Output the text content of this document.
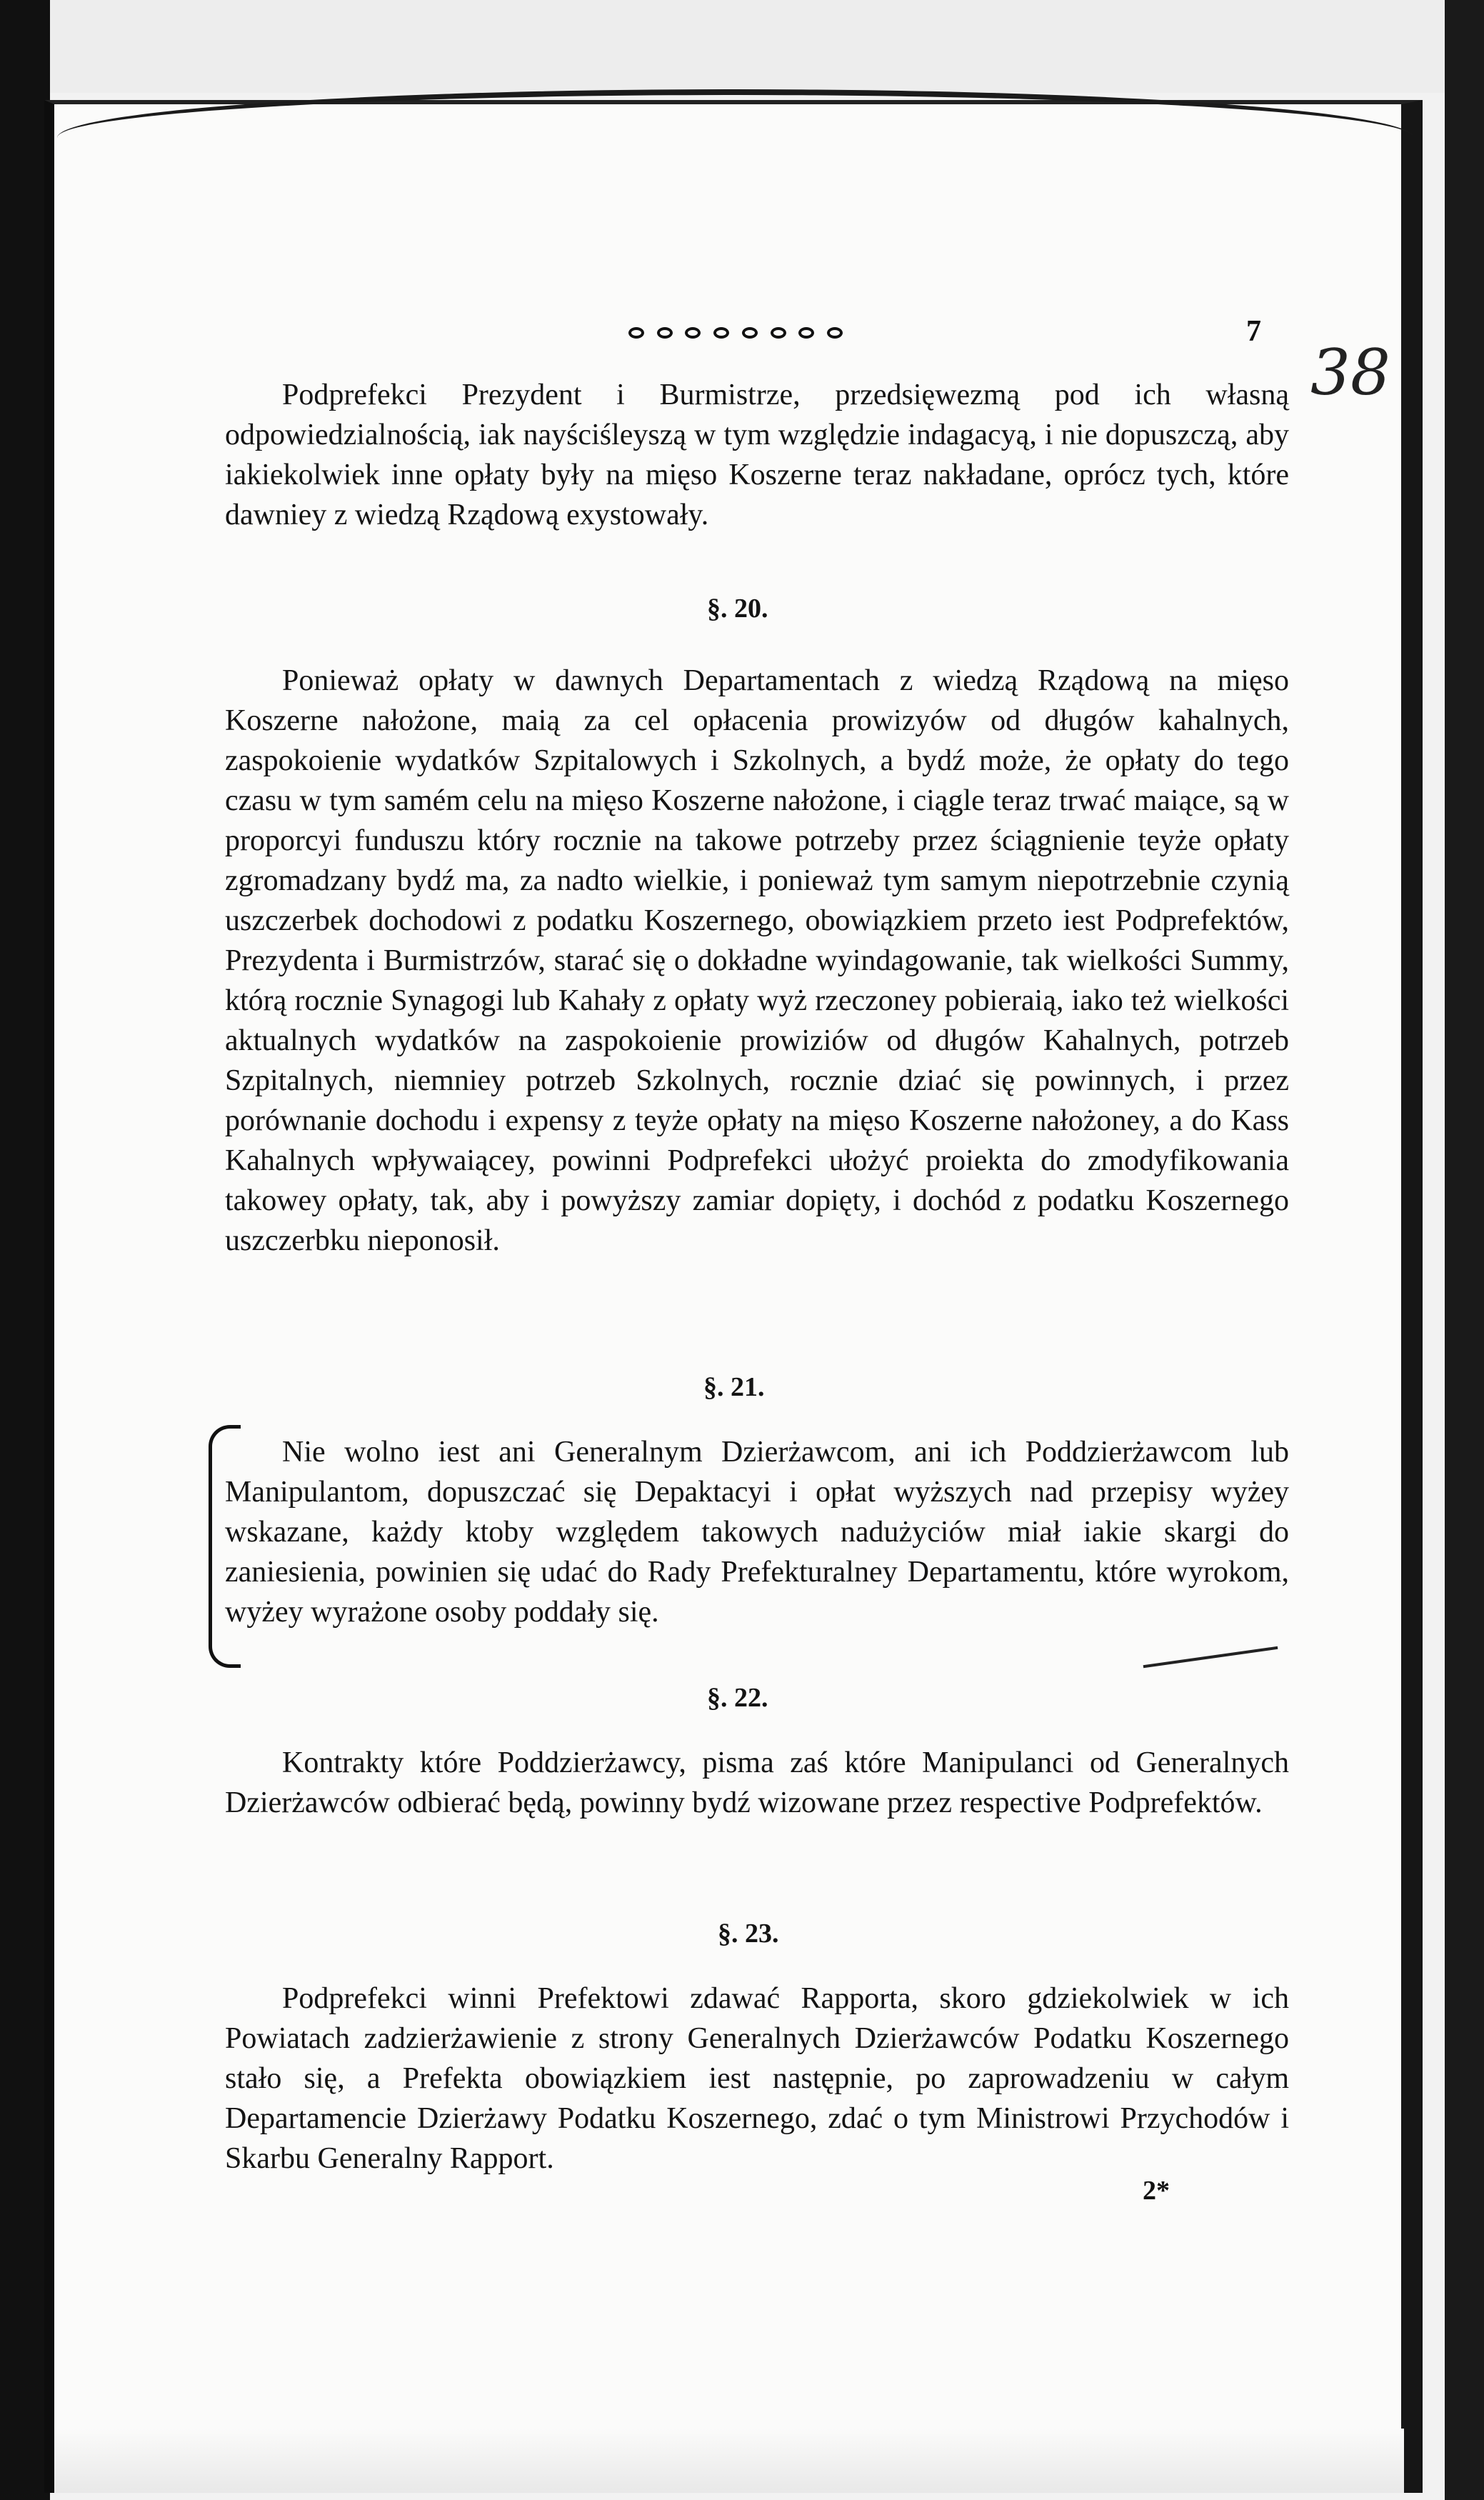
7
38

Podprefekci Prezydent i Burmistrze, przedsięwezmą pod ich własną odpowiedzialnością, iak nayściśleyszą w tym względzie indagacyą, i nie dopuszczą, aby iakiekolwiek inne opłaty były na mięso Koszerne teraz nakładane, oprócz tych, które dawniey z wiedzą Rządową exystowały.

§. 20.

Ponieważ opłaty w dawnych Departamentach z wiedzą Rządową na mięso Koszerne nałożone, maią za cel opłacenia prowizyów od długów kahalnych, zaspokoienie wydatków Szpitalowych i Szkolnych, a bydź może, że opłaty do tego czasu w tym samém celu na mięso Koszerne nałożone, i ciągle teraz trwać maiące, są w proporcyi funduszu który rocznie na takowe potrzeby przez ściągnienie teyże opłaty zgromadzany bydź ma, za nadto wielkie, i ponieważ tym samym niepotrzebnie czynią uszczerbek dochodowi z podatku Koszernego, obowiązkiem przeto iest Podprefektów, Prezydenta i Burmistrzów, starać się o dokładne wyindagowanie, tak wielkości Summy, którą rocznie Synagogi lub Kahały z opłaty wyż rzeczoney pobieraią, iako też wielkości aktualnych wydatków na zaspokoienie prowiziów od długów Kahalnych, potrzeb Szpitalnych, niemniey potrzeb Szkolnych, rocznie dziać się powinnych, i przez porównanie dochodu i expensy z teyże opłaty na mięso Koszerne nałożoney, a do Kass Kahalnych wpływaiącey, powinni Podprefekci ułożyć proiekta do zmodyfikowania takowey opłaty, tak, aby i powyższy zamiar dopięty, i dochód z podatku Koszernego uszczerbku nieponosił.

§. 21.

Nie wolno iest ani Generalnym Dzierżawcom, ani ich Poddzierżawcom lub Manipulantom, dopuszczać się Depaktacyi i opłat wyższych nad przepisy wyżey wskazane, każdy ktoby względem takowych nadużyciów miał iakie skargi do zaniesienia, powinien się udać do Rady Prefekturalney Departamentu, które wyrokom, wyżey wyrażone osoby poddały się.

§. 22.

Kontrakty które Poddzierżawcy, pisma zaś które Manipulanci od Generalnych Dzierżawców odbierać będą, powinny bydź wizowane przez respective Podprefektów.

§. 23.

Podprefekci winni Prefektowi zdawać Rapporta, skoro gdziekolwiek w ich Powiatach zadzierżawienie z strony Generalnych Dzierżawców Podatku Koszernego stało się, a Prefekta obowiązkiem iest następnie, po zaprowadzeniu w całym Departamencie Dzierżawy Podatku Koszernego, zdać o tym Ministrowi Przychodów i Skarbu Generalny Rapport.

2*
